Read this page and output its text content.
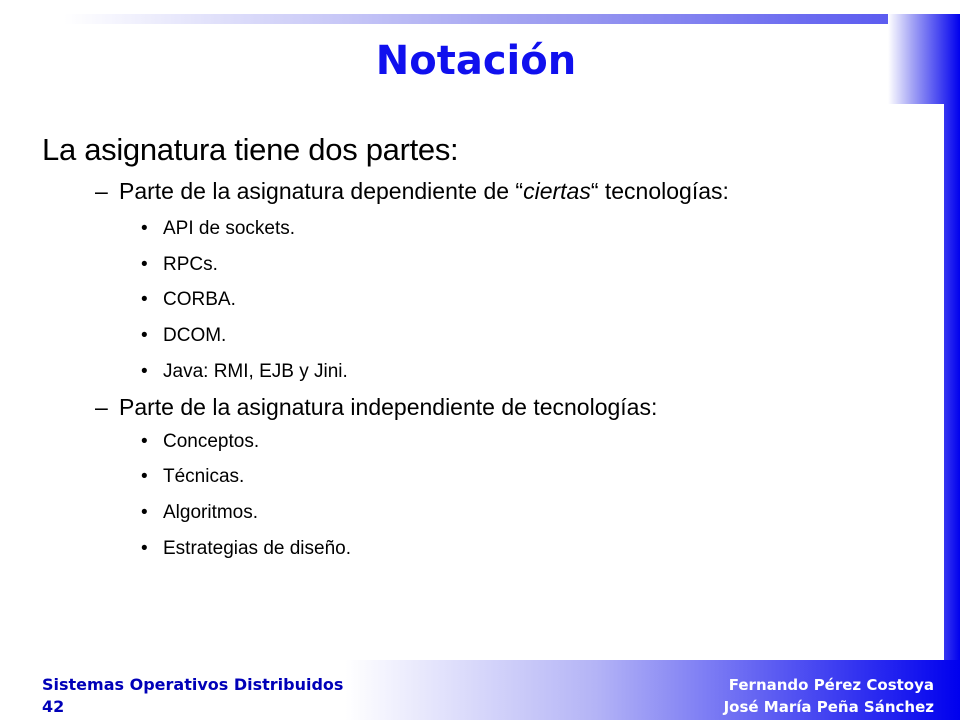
Notación

La asignatura tiene dos partes:

– Parte de la asignatura dependiente de “ciertas“ tecnologías:
• API de sockets.
• RPCs.
• CORBA.
• DCOM.
• Java: RMI, EJB y Jini.
– Parte de la asignatura independiente de tecnologías:
• Conceptos.
• Técnicas.
• Algoritmos.
• Estrategias de diseño.
Sistemas Operativos Distribuidos
42
Fernando Pérez Costoya
José María Peña Sánchez
